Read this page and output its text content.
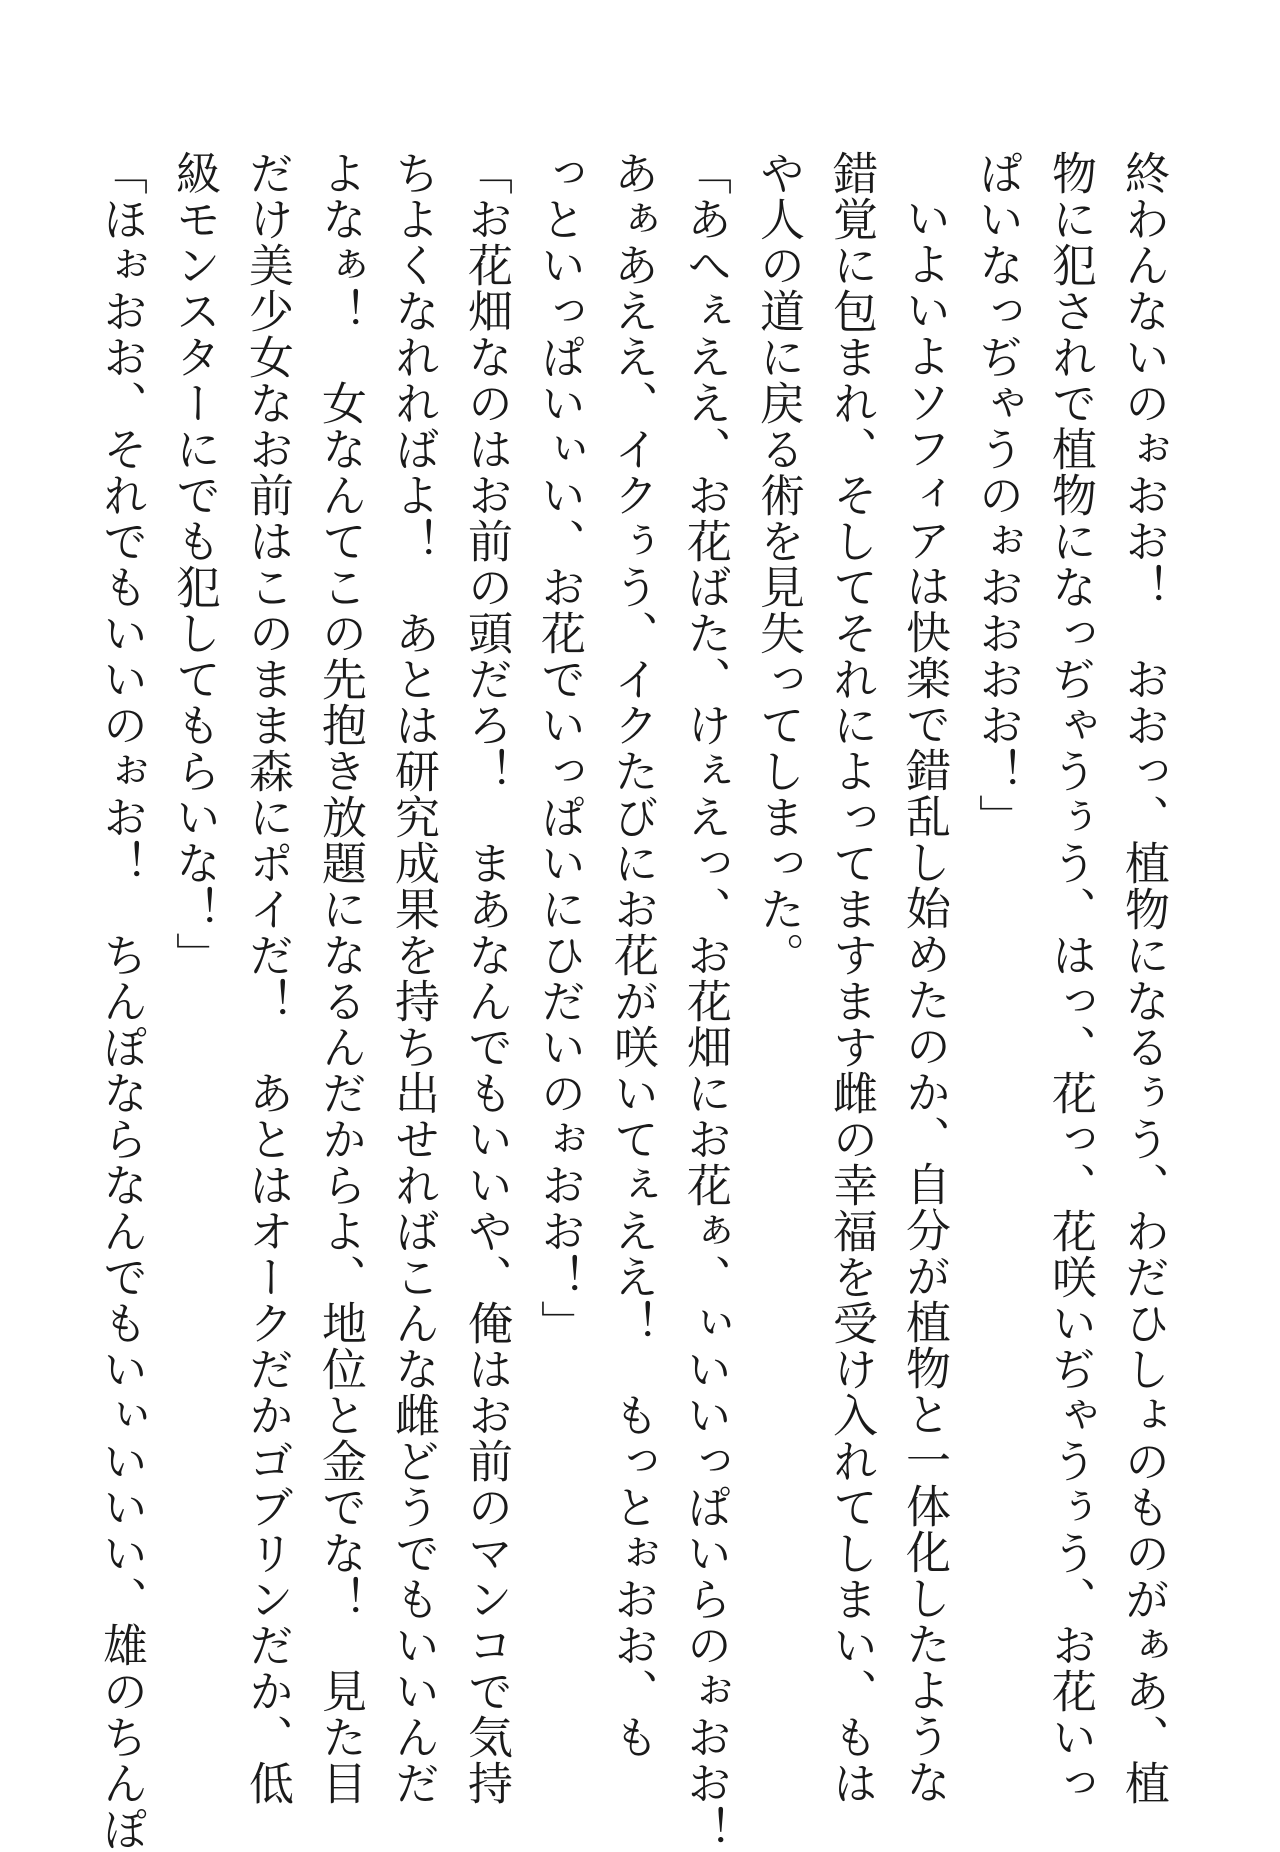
終わんないのぉおお！　おおっ、植物になるぅう、わだひしょのものがぁあ、植
物に犯されで植物になっぢゃうぅう、はっ、花っ、花咲いぢゃうぅう、お花いっ
ぱいなっぢゃうのぉおおおお！」
いよいよソフィアは快楽で錯乱し始めたのか、自分が植物と一体化したような
錯覚に包まれ、そしてそれによってますます雌の幸福を受け入れてしまい、もは
や人の道に戻る術を見失ってしまった。
「あへぇええ、お花ばた、けぇえっ、お花畑にお花ぁ、ぃいいっぱいらのぉおお！
あぁあええ、イクぅう、イクたびにお花が咲いてぇええ！　もっとぉおお、も
っといっぱいぃい、お花でいっぱいにひだいのぉおお！」
「お花畑なのはお前の頭だろ！　まあなんでもいいや、俺はお前のマンコで気持
ちよくなれればよ！　あとは研究成果を持ち出せればこんな雌どうでもいいんだ
よなぁ！　女なんてこの先抱き放題になるんだからよ、地位と金でな！　見た目
だけ美少女なお前はこのまま森にポイだ！　あとはオークだかゴブリンだか、低
級モンスターにでも犯してもらいな！」
「ほぉおお、それでもいいのぉお！　ちんぽならなんでもいぃいいい、雄のちんぽ
